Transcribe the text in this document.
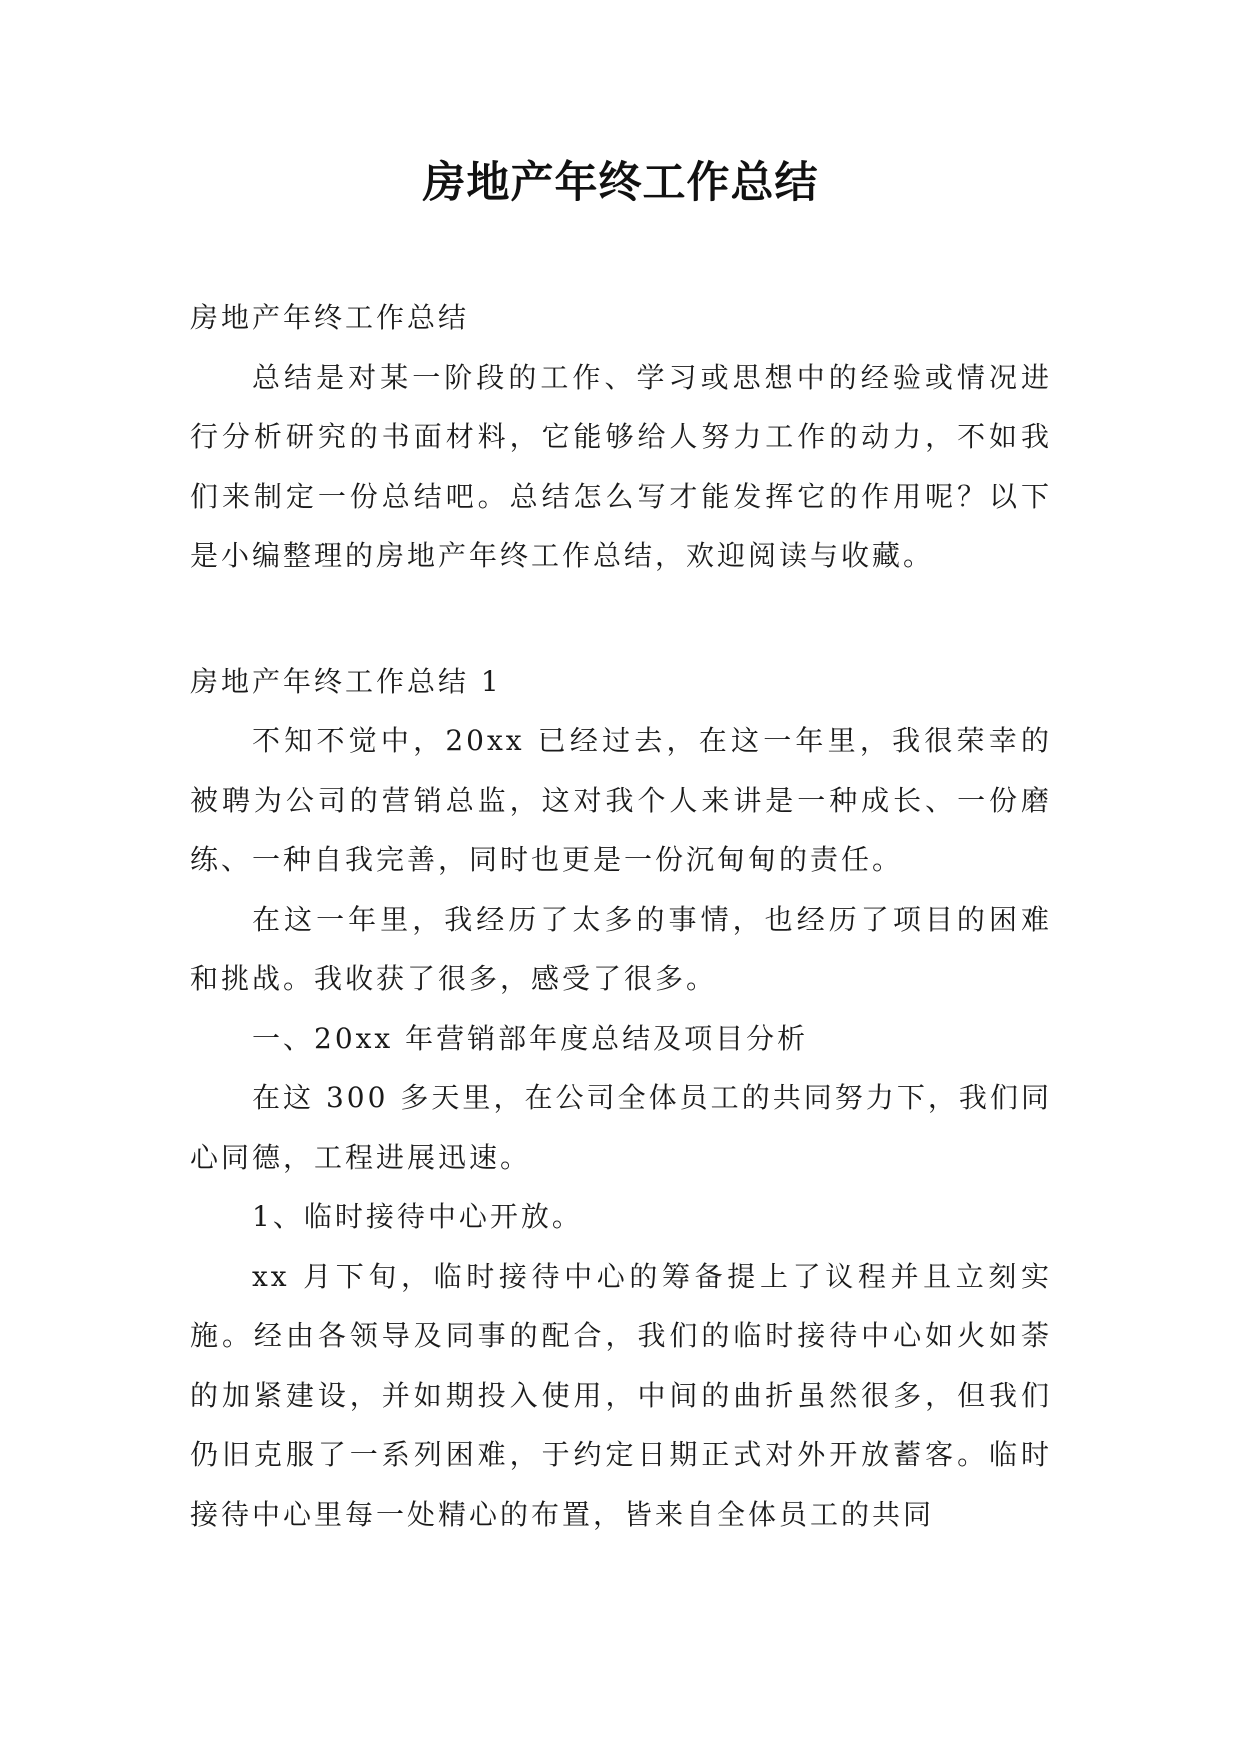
房地产年终工作总结

房地产年终工作总结

总结是对某一阶段的工作、学习或思想中的经验或情况进行分析研究的书面材料，它能够给人努力工作的动力，不如我们来制定一份总结吧。总结怎么写才能发挥它的作用呢？以下是小编整理的房地产年终工作总结，欢迎阅读与收藏。

房地产年终工作总结 1

不知不觉中，20xx 已经过去，在这一年里，我很荣幸的被聘为公司的营销总监，这对我个人来讲是一种成长、一份磨练、一种自我完善，同时也更是一份沉甸甸的责任。

在这一年里，我经历了太多的事情，也经历了项目的困难和挑战。我收获了很多，感受了很多。

一、20xx 年营销部年度总结及项目分析

在这 300 多天里，在公司全体员工的共同努力下，我们同心同德，工程进展迅速。

1、临时接待中心开放。

xx 月下旬，临时接待中心的筹备提上了议程并且立刻实施。经由各领导及同事的配合，我们的临时接待中心如火如荼的加紧建设，并如期投入使用，中间的曲折虽然很多，但我们仍旧克服了一系列困难，于约定日期正式对外开放蓄客。临时接待中心里每一处精心的布置，皆来自全体员工的共同
